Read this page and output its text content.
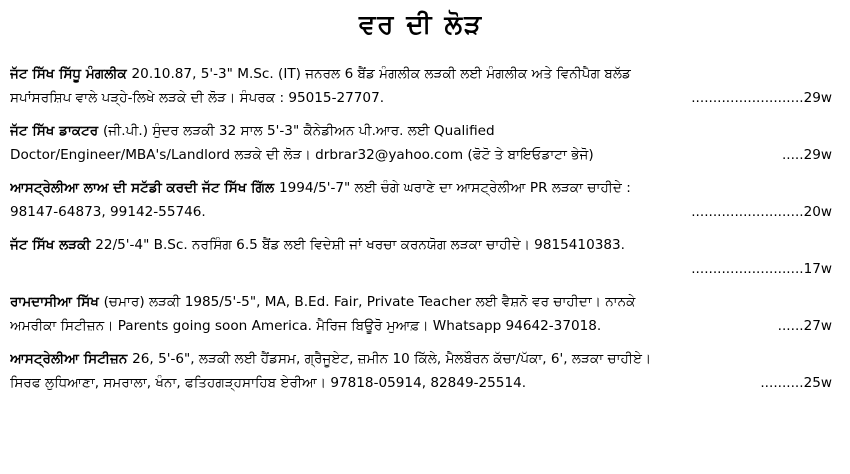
ਵਰ ਦੀ ਲੋੜ
ਜੱਟ ਸਿੱਖ ਸਿੱਧੂ ਮੰਗਲੀਕ 20.10.87, 5'-3" M.Sc. (IT) ਜਨਰਲ 6 ਬੈਂਡ ਮੰਗਲੀਕ ਲੜਕੀ ਲਈ ਮੰਗਲੀਕ ਅਤੇ ਵਿਨੀਪੈਗ ਬਲੱਡ
ਸਪਾਂਸਰਸ਼ਿਪ ਵਾਲੇ ਪੜ੍ਹੇ-ਲਿਖੇ ਲੜਕੇ ਦੀ ਲੋੜ। ਸੰਪਰਕ : 95015-27707.	..........................29w
ਜੱਟ ਸਿੱਖ ਡਾਕਟਰ (ਜੀ.ਪੀ.) ਸੁੰਦਰ ਲੜਕੀ 32 ਸਾਲ 5'-3" ਕੈਨੇਡੀਅਨ ਪੀ.ਆਰ. ਲਈ Qualified
Doctor/Engineer/MBA's/Landlord ਲੜਕੇ ਦੀ ਲੋੜ। drbrar32@yahoo.com (ਫੋਟੋ ਤੇ ਬਾਇਓਡਾਟਾ ਭੇਜੋ)	.....29w
ਆਸਟ੍ਰੇਲੀਆ ਲਾਅ ਦੀ ਸਟੱਡੀ ਕਰਦੀ ਜੱਟ ਸਿੱਖ ਗਿੱਲ 1994/5'-7" ਲਈ ਚੰਗੇ ਘਰਾਣੇ ਦਾ ਆਸਟ੍ਰੇਲੀਆ PR ਲੜਕਾ ਚਾਹੀਦੇ :
98147-64873, 99142-55746.	..........................20w
ਜੱਟ ਸਿੱਖ ਲੜਕੀ 22/5'-4" B.Sc. ਨਰਸਿੰਗ 6.5 ਬੈਂਡ ਲਈ ਵਿਦੇਸ਼ੀ ਜਾਂ ਖਰਚਾ ਕਰਨਯੋਗ ਲੜਕਾ ਚਾਹੀਦੇ। 9815410383.
..........................17w
ਰਾਮਦਾਸੀਆ ਸਿੱਖ (ਚਮਾਰ) ਲੜਕੀ 1985/5'-5", MA, B.Ed. Fair, Private Teacher ਲਈ ਵੈਸ਼ਨੋ ਵਰ ਚਾਹੀਦਾ। ਨਾਨਕੇ
ਅਮਰੀਕਾ ਸਿਟੀਜ਼ਨ। Parents going soon America. ਮੈਰਿਜ ਬਿਊਰੋ ਮੁਆਫ਼। Whatsapp 94642-37018.	......27w
ਆਸਟ੍ਰੇਲੀਆ ਸਿਟੀਜ਼ਨ 26, 5'-6", ਲੜਕੀ ਲਈ ਹੈਂਡਸਮ, ਗ੍ਰੈਜੂਏਟ, ਜ਼ਮੀਨ 10 ਕਿੱਲੇ, ਮੈਲਬੌਰਨ ਕੱਚਾ/ਪੱਕਾ, 6', ਲੜਕਾ ਚਾਹੀਏ।
ਸਿਰਫ ਲੁਧਿਆਣਾ, ਸਮਰਾਲਾ, ਖੰਨਾ, ਫਤਿਹਗੜ੍ਹਸਾਹਿਬ ਏਰੀਆ। 97818-05914, 82849-25514.	..........25w
